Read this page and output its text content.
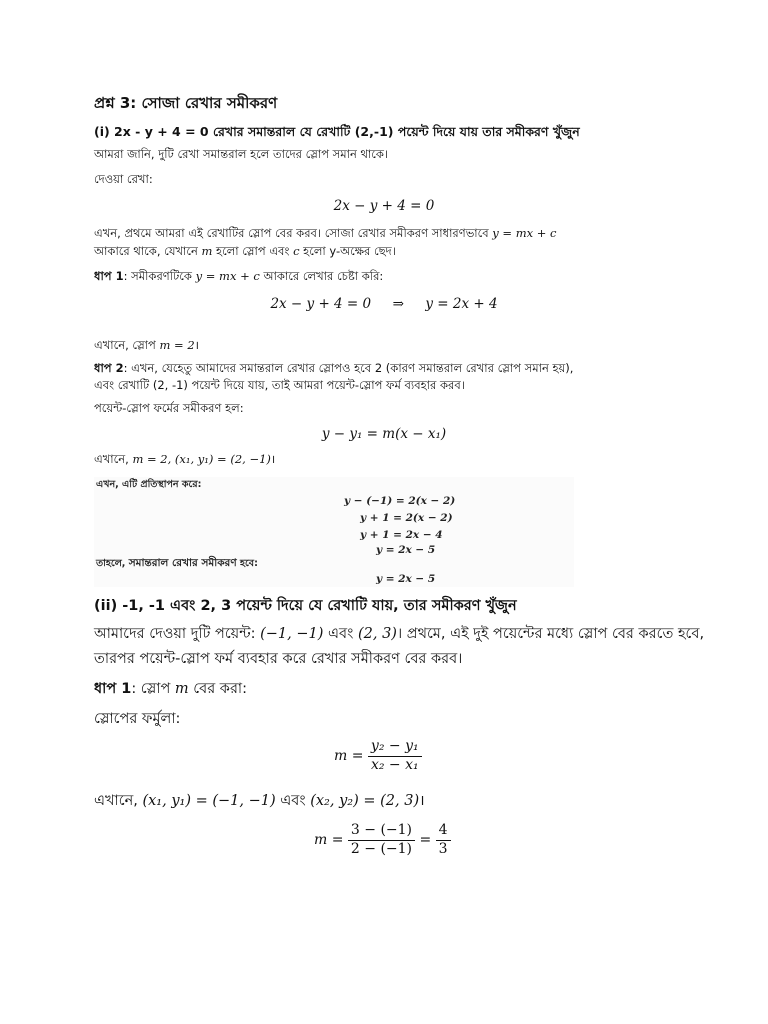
প্রশ্ন 3: সোজা রেখার সমীকরণ
(i) 2x - y + 4 = 0 রেখার সমান্তরাল যে রেখাটি (2,-1) পয়েন্ট দিয়ে যায় তার সমীকরণ খুঁজুন
আমরা জানি, দুটি রেখা সমান্তরাল হলে তাদের স্লোপ সমান থাকে।
দেওয়া রেখা:
2x − y + 4 = 0
এখন, প্রথমে আমরা এই রেখাটির স্লোপ বের করব। সোজা রেখার সমীকরণ সাধারণভাবে y = mx + c
আকারে থাকে, যেখানে m হলো স্লোপ এবং c হলো y-অক্ষের ছেদ।
ধাপ 1: সমীকরণটিকে y = mx + c আকারে লেখার চেষ্টা করি:
2x − y + 4 = 0     ⇒     y = 2x + 4
এখানে, স্লোপ m = 2।
ধাপ 2: এখন, যেহেতু আমাদের সমান্তরাল রেখার স্লোপও হবে 2 (কারণ সমান্তরাল রেখার স্লোপ সমান হয়),
এবং রেখাটি (2, -1) পয়েন্ট দিয়ে যায়, তাই আমরা পয়েন্ট-স্লোপ ফর্ম ব্যবহার করব।
পয়েন্ট-স্লোপ ফর্মের সমীকরণ হল:
y − y₁ = m(x − x₁)
এখানে, m = 2, (x₁, y₁) = (2, −1)।
এখন, এটি প্রতিস্থাপন করে:
y − (−1) = 2(x − 2)
y + 1 = 2(x − 2)
y + 1 = 2x − 4
y = 2x − 5
তাহলে, সমান্তরাল রেখার সমীকরণ হবে:
y = 2x − 5
(ii) -1, -1 এবং 2, 3 পয়েন্ট দিয়ে যে রেখাটি যায়, তার সমীকরণ খুঁজুন
আমাদের দেওয়া দুটি পয়েন্ট: (−1, −1) এবং (2, 3)। প্রথমে, এই দুই পয়েন্টের মধ্যে স্লোপ বের করতে হবে,
তারপর পয়েন্ট-স্লোপ ফর্ম ব্যবহার করে রেখার সমীকরণ বের করব।
ধাপ 1: স্লোপ m বের করা:
স্লোপের ফর্মুলা:
$m = \frac{\text{y₂ − y₁}}{\text{x₂ − x₁}}$
এখানে, (x₁, y₁) = (−1, −1) এবং (x₂, y₂) = (2, 3)।
$m = \frac{3 - (-1)}{2 - (-1)} = \frac{4}{3}$
